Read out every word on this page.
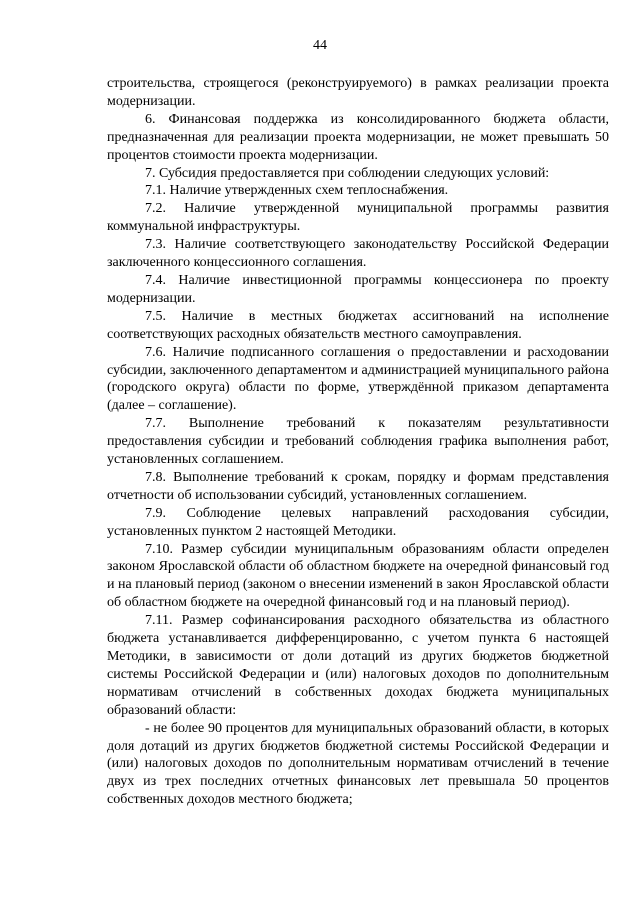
44

строительства, строящегося (реконструируемого) в рамках реализации проекта модернизации.

6. Финансовая поддержка из консолидированного бюджета области, предназначенная для реализации проекта модернизации, не может превышать 50 процентов стоимости проекта модернизации.

7. Субсидия предоставляется при соблюдении следующих условий:

7.1. Наличие утвержденных схем теплоснабжения.

7.2. Наличие утвержденной муниципальной программы развития коммунальной инфраструктуры.

7.3. Наличие соответствующего законодательству Российской Федерации заключенного концессионного соглашения.

7.4. Наличие инвестиционной программы концессионера по проекту модернизации.

7.5. Наличие в местных бюджетах ассигнований на исполнение соответствующих расходных обязательств местного самоуправления.

7.6. Наличие подписанного соглашения о предоставлении и расходовании субсидии, заключенного департаментом и администрацией муниципального района (городского округа) области по форме, утверждённой приказом департамента (далее – соглашение).

7.7. Выполнение требований к показателям результативности предоставления субсидии и требований соблюдения графика выполнения работ, установленных соглашением.

7.8. Выполнение требований к срокам, порядку и формам представления отчетности об использовании субсидий, установленных соглашением.

7.9. Соблюдение целевых направлений расходования субсидии, установленных пунктом 2 настоящей Методики.

7.10. Размер субсидии муниципальным образованиям области определен законом Ярославской области об областном бюджете на очередной финансовый год и на плановый период (законом о внесении изменений в закон Ярославской области об областном бюджете на очередной финансовый год и на плановый период).

7.11. Размер софинансирования расходного обязательства из областного бюджета устанавливается дифференцированно, с учетом пункта 6 настоящей Методики, в зависимости от доли дотаций из других бюджетов бюджетной системы Российской Федерации и (или) налоговых доходов по дополнительным нормативам отчислений в собственных доходах бюджета муниципальных образований области:

- не более 90 процентов для муниципальных образований области, в которых доля дотаций из других бюджетов бюджетной системы Российской Федерации и (или) налоговых доходов по дополнительным нормативам отчислений в течение двух из трех последних отчетных финансовых лет превышала 50 процентов собственных доходов местного бюджета;
